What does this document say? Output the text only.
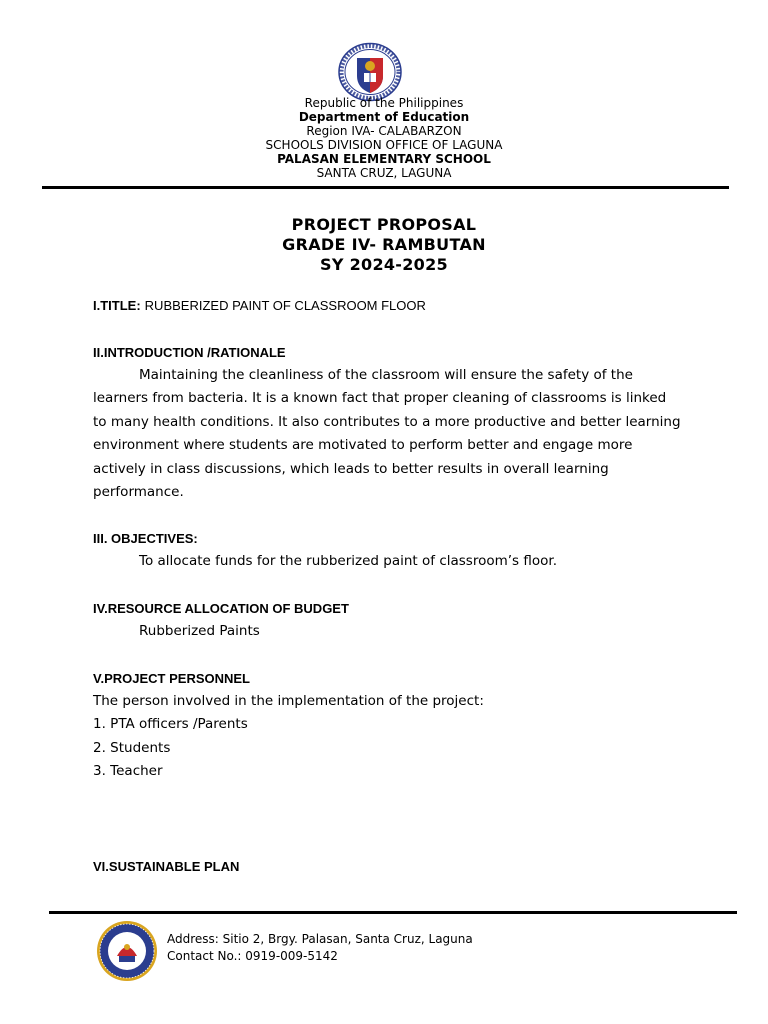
Republic of the Philippines
Department of Education
Region IVA- CALABARZON
SCHOOLS DIVISION OFFICE OF LAGUNA
PALASAN ELEMENTARY SCHOOL
SANTA CRUZ, LAGUNA
PROJECT PROPOSAL
GRADE IV- RAMBUTAN
SY 2024-2025
I.TITLE: RUBBERIZED PAINT OF CLASSROOM FLOOR
II.INTRODUCTION /RATIONALE
Maintaining the cleanliness of the classroom will ensure the safety of the learners from bacteria. It is a known fact that proper cleaning of classrooms is linked to many health conditions. It also contributes to a more productive and better learning environment where students are motivated to perform better and engage more actively in class discussions, which leads to better results in overall learning performance.
III. OBJECTIVES:
To allocate funds for the rubberized paint of classroom’s floor.
IV.RESOURCE ALLOCATION OF BUDGET
Rubberized Paints
V.PROJECT PERSONNEL
The person involved in the implementation of the project:
1. PTA officers /Parents
2. Students
3. Teacher
VI.SUSTAINABLE PLAN
Address: Sitio 2, Brgy. Palasan, Santa Cruz, Laguna
Contact No.: 0919-009-5142
